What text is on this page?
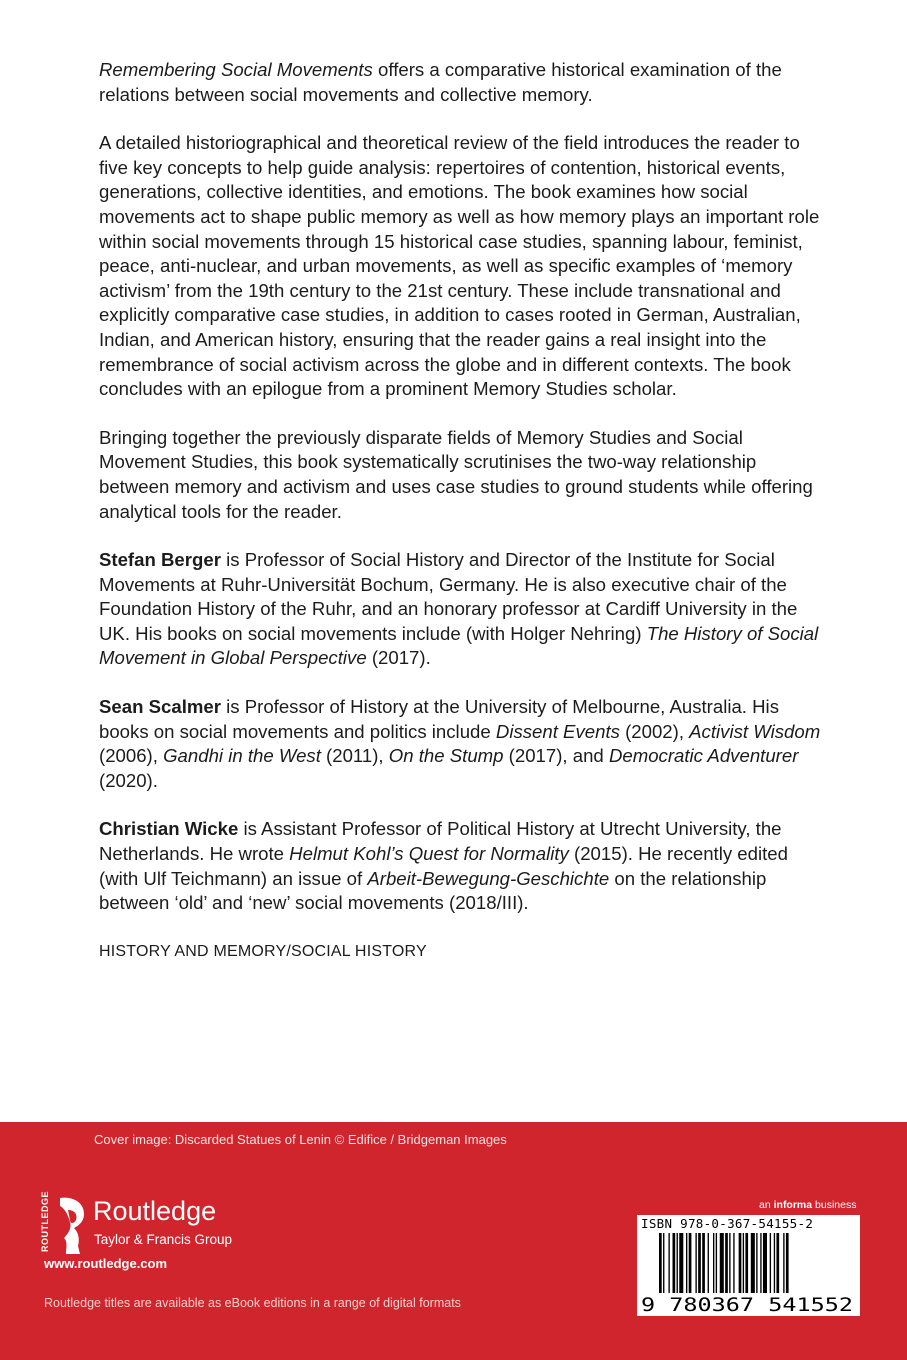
Remembering Social Movements offers a comparative historical examination of the relations between social movements and collective memory.

A detailed historiographical and theoretical review of the field introduces the reader to five key concepts to help guide analysis: repertoires of contention, historical events, generations, collective identities, and emotions. The book examines how social movements act to shape public memory as well as how memory plays an important role within social movements through 15 historical case studies, spanning labour, feminist, peace, anti-nuclear, and urban movements, as well as specific examples of ‘memory activism’ from the 19th century to the 21st century. These include transnational and explicitly comparative case studies, in addition to cases rooted in German, Australian, Indian, and American history, ensuring that the reader gains a real insight into the remembrance of social activism across the globe and in different contexts. The book concludes with an epilogue from a prominent Memory Studies scholar.

Bringing together the previously disparate fields of Memory Studies and Social Movement Studies, this book systematically scrutinises the two-way relationship between memory and activism and uses case studies to ground students while offering analytical tools for the reader.

Stefan Berger is Professor of Social History and Director of the Institute for Social Movements at Ruhr-Universität Bochum, Germany. He is also executive chair of the Foundation History of the Ruhr, and an honorary professor at Cardiff University in the UK. His books on social movements include (with Holger Nehring) The History of Social Movement in Global Perspective (2017).

Sean Scalmer is Professor of History at the University of Melbourne, Australia. His books on social movements and politics include Dissent Events (2002), Activist Wisdom (2006), Gandhi in the West (2011), On the Stump (2017), and Democratic Adventurer (2020).

Christian Wicke is Assistant Professor of Political History at Utrecht University, the Netherlands. He wrote Helmut Kohl’s Quest for Normality (2015). He recently edited (with Ulf Teichmann) an issue of Arbeit-Bewegung-Geschichte on the relationship between ‘old’ and ‘new’ social movements (2018/III).

HISTORY AND MEMORY/SOCIAL HISTORY

Cover image: Discarded Statues of Lenin © Edifice / Bridgeman Images
ROUTLEDGE Routledge
Taylor & Francis Group
www.routledge.com
Routledge titles are available as eBook editions in a range of digital formats
an informa business
ISBN 978-0-367-54155-2
9 780367 541552
